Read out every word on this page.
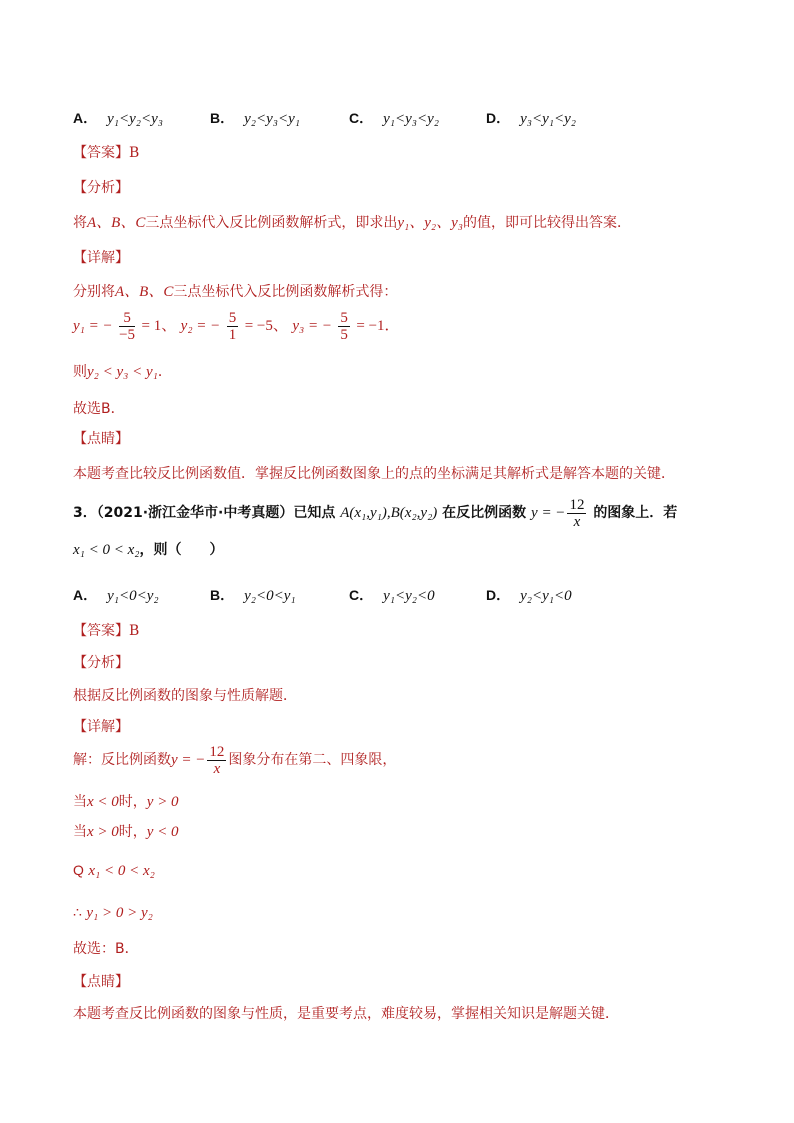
A． y₁<y₂<y₃	B． y₂<y₃<y₁	C． y₁<y₃<y₂	D． y₃<y₁<y₂
【答案】B
【分析】
将A、B、C三点坐标代入反比例函数解析式，即求出y₁、y₂、y₃的值，即可比较得出答案．
【详解】
分别将A、B、C三点坐标代入反比例函数解析式得：
y₁ = − $\frac{5}{-5} = 1$、 y₂ = − $\frac{5}{1} = -5$、 y₃ = − $\frac{5}{5} = -1$．
则y₂ < y₃ < y₁．
故选B．
【点睛】
本题考查比较反比例函数值．掌握反比例函数图象上的点的坐标满足其解析式是解答本题的关键．
3．（2021·浙江金华市·中考真题）已知点 A(x₁,y₁),B(x₂,y₂) 在反比例函数 y = − $\frac{12}{x}$ 的图象上．若
x₁ < 0 < x₂，则（　　）
A． y₁<0<y₂	B． y₂<0<y₁	C． y₁<y₂<0	D． y₂<y₁<0
【答案】B
【分析】
根据反比例函数的图象与性质解题．
【详解】
解：反比例函数y = − $\frac{12}{x}$ 图象分布在第二、四象限，
当x < 0时，y > 0
当x > 0时，y < 0
Q x₁ < 0 < x₂
∴ y₁ > 0 > y₂
故选：B．
【点睛】
本题考查反比例函数的图象与性质，是重要考点，难度较易，掌握相关知识是解题关键．
